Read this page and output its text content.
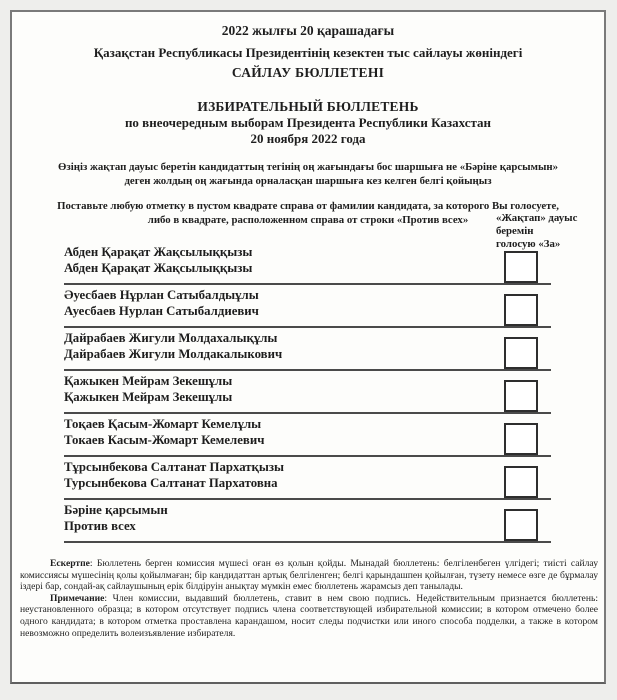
2022 жылғы 20 қарашадағы
Қазақстан Республикасы Президентінің кезектен тыс сайлауы жөніндегі
САЙЛАУ БЮЛЛЕТЕНІ
ИЗБИРАТЕЛЬНЫЙ БЮЛЛЕТЕНЬ
по внеочередным выборам Президента Республики Казахстан
20 ноября 2022 года
Өзіңіз жақтап дауыс беретін кандидаттың тегінің оң жағындағы бос шаршыға не «Бәріне қарсымын» деген жолдың оң жағында орналасқан шаршыға кез келген белгі қойыңыз
Поставьте любую отметку в пустом квадрате справа от фамилии кандидата, за которого Вы голосуете, либо в квадрате, расположенном справа от строки «Против всех»	«Жақтап» дауыс
беремін
голосую «За»
Абден Қарақат Жақсылыққызы
Абден Қарақат Жақсылыққызы
Әуесбаев Нұрлан Сатыбалдыұлы
Ауесбаев Нурлан Сатыбалдиевич
Дайрабаев Жигули Молдахалықұлы
Дайрабаев Жигули Молдакалыкович
Қажыкен Мейрам Зекешұлы
Қажыкен Мейрам Зекешұлы
Тоқаев Қасым-Жомарт Кемелұлы
Токаев Касым-Жомарт Кемелевич
Тұрсынбекова Салтанат Пархатқызы
Турсынбекова Салтанат Пархатовна
Бәріне қарсымын
Против всех

Ескертпе: Бюллетень берген комиссия мүшесі оған өз қолын қойды. Мынадай бюллетень: белгіленбеген үлгідегі; тиісті сайлау комиссиясы мүшесінің қолы қойылмаған; бір кандидаттан артық белгіленген; белгі қарындашпен қойылған, түзету немесе өзге де бұрмалау іздері бар, сондай-ақ сайлаушының ерік білдіруін анықтау мүмкін емес бюллетень жарамсыз деп танылады.

Примечание: Член комиссии, выдавший бюллетень, ставит в нем свою подпись. Недействительным признается бюллетень: неустановленного образца; в котором отсутствует подпись члена соответствующей избирательной комиссии; в котором отмечено более одного кандидата; в котором отметка проставлена карандашом, носит следы подчистки или иного способа подделки, а также в котором невозможно определить волеизъявление избирателя.
